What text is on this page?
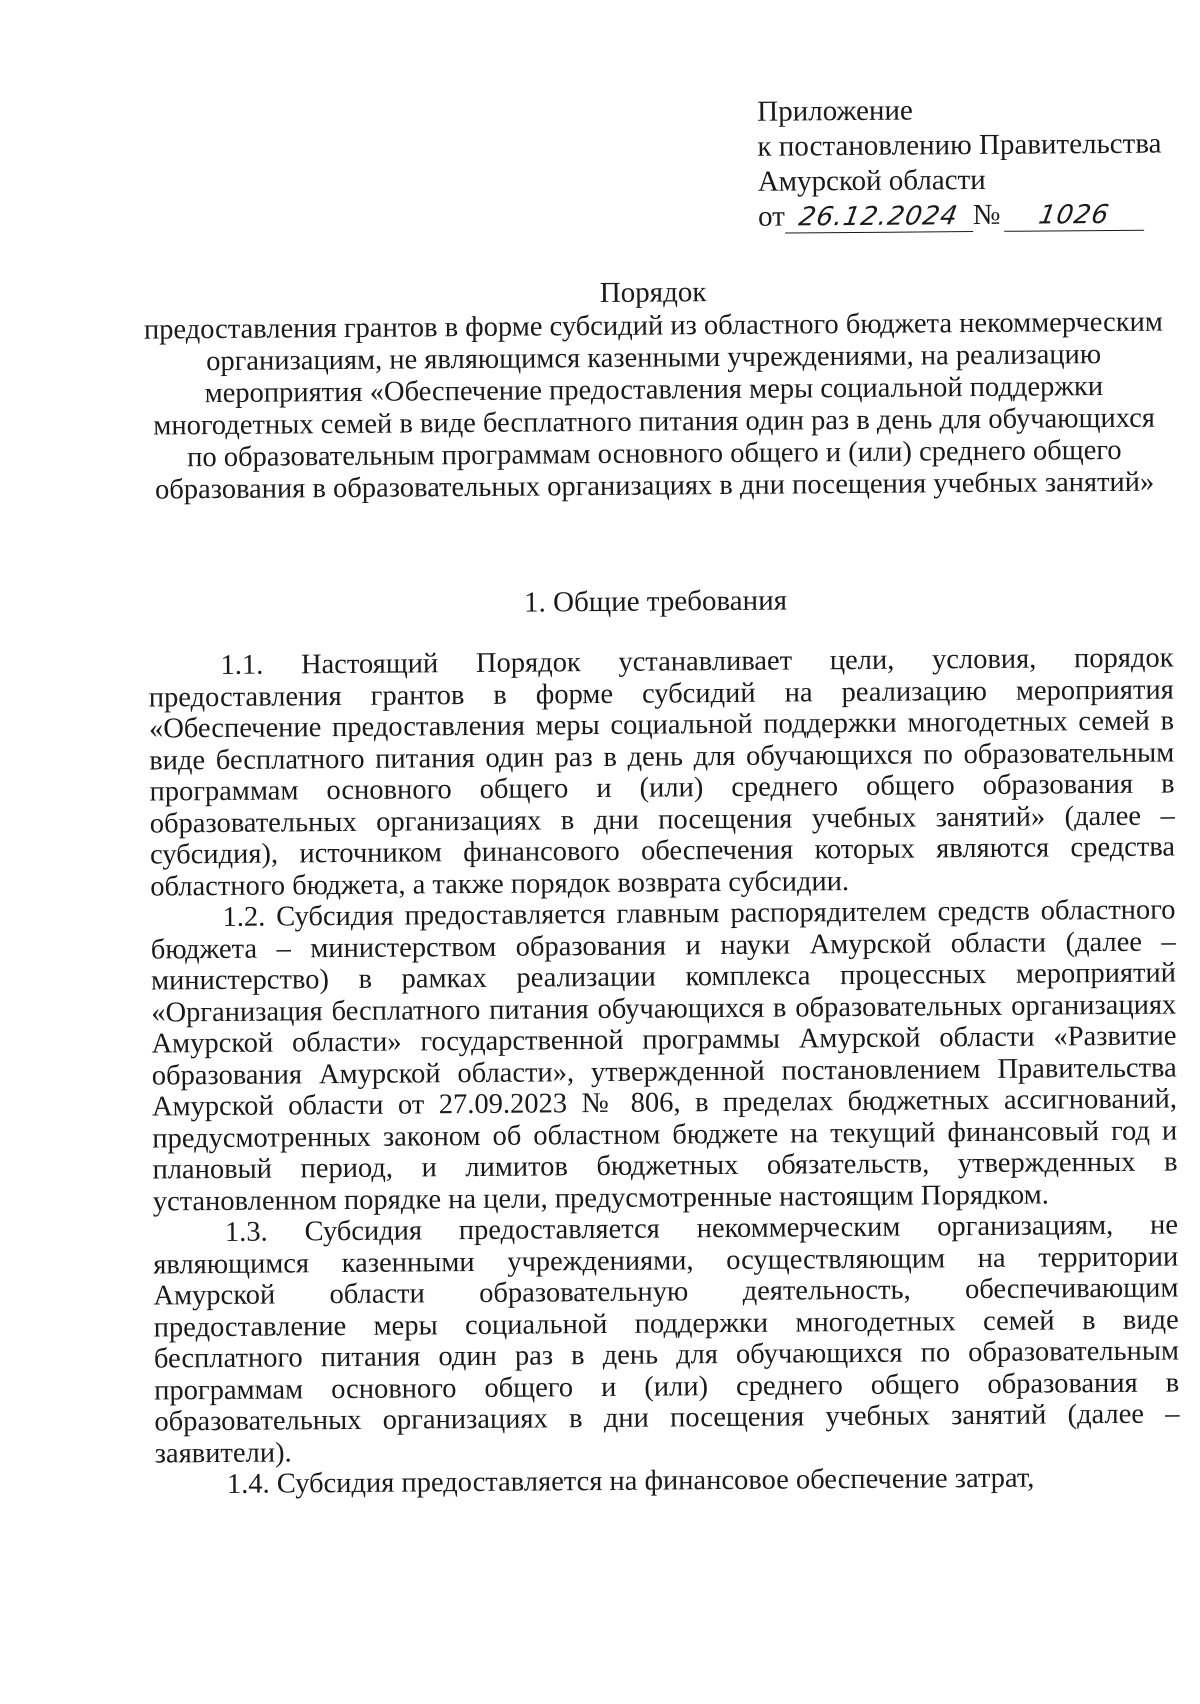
Приложение
к постановлению Правительства
Амурской области
от 26.12.2024 № 1026
Порядок
предоставления грантов в форме субсидий из областного бюджета некоммерческим организациям, не являющимся казенными учреждениями, на реализацию мероприятия «Обеспечение предоставления меры социальной поддержки многодетных семей в виде бесплатного питания один раз в день для обучающихся по образовательным программам основного общего и (или) среднего общего образования в образовательных организациях в дни посещения учебных занятий»
1. Общие требования

1.1. Настоящий Порядок устанавливает цели, условия, порядок предоставления грантов в форме субсидий на реализацию мероприятия «Обеспечение предоставления меры социальной поддержки многодетных семей в виде бесплатного питания один раз в день для обучающихся по образовательным программам основного общего и (или) среднего общего образования в образовательных организациях в дни посещения учебных занятий» (далее – субсидия), источником финансового обеспечения которых являются средства областного бюджета, а также порядок возврата субсидии.

1.2. Субсидия предоставляется главным распорядителем средств областного бюджета – министерством образования и науки Амурской области (далее – министерство) в рамках реализации комплекса процессных мероприятий «Организация бесплатного питания обучающихся в образовательных организациях Амурской области» государственной программы Амурской области «Развитие образования Амурской области», утвержденной постановлением Правительства Амурской области от 27.09.2023 № 806, в пределах бюджетных ассигнований, предусмотренных законом об областном бюджете на текущий финансовый год и плановый период, и лимитов бюджетных обязательств, утвержденных в установленном порядке на цели, предусмотренные настоящим Порядком.

1.3. Субсидия предоставляется некоммерческим организациям, не являющимся казенными учреждениями, осуществляющим на территории Амурской области образовательную деятельность, обеспечивающим предоставление меры социальной поддержки многодетных семей в виде бесплатного питания один раз в день для обучающихся по образовательным программам основного общего и (или) среднего общего образования в образовательных организациях в дни посещения учебных занятий (далее – заявители).

1.4. Субсидия предоставляется на финансовое обеспечение затрат,
